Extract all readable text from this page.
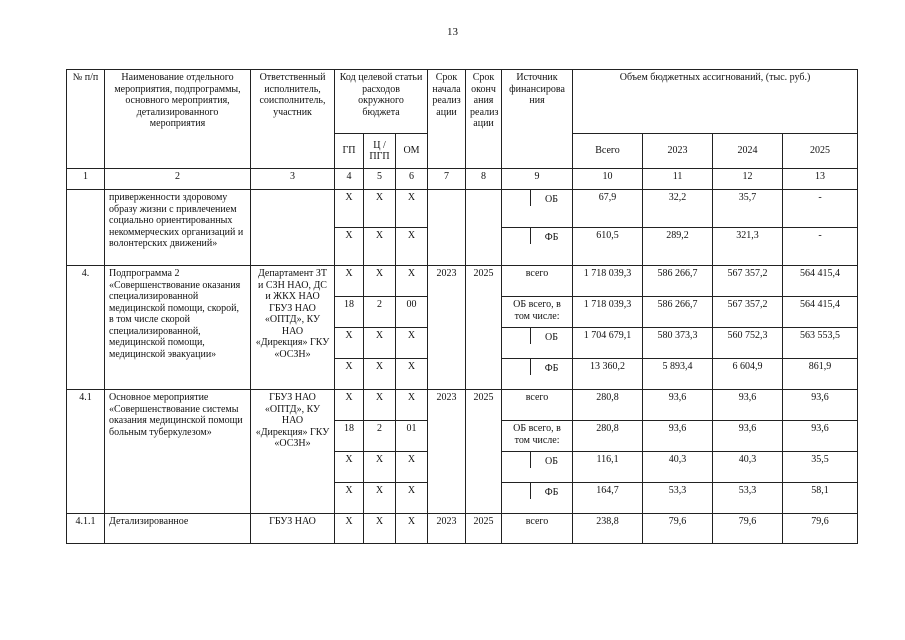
13
№ п/п	Наименование отдельного мероприятия, подпрограммы, основного мероприятия, детализированного мероприятия	Ответственный исполнитель, соисполнитель, участник	Код целевой статьи расходов окружного бюджета			Срок начала реализ ации	Срок оконч ания реализ ации	Источник финансирова ния	Объем бюджетных ассигнований, (тыс. руб.)			
			ГП	Ц / ПГП	ОМ				Всего	2023	2024	2025
1	2	3	4	5	6	7	8	9	10	11	12	13
	приверженности здоровому образу жизни с привлечением социально ориентированных некоммерческих организаций и волонтерских движений»		Х	Х	Х			ОБ	67,9	32,2	35,7	-
			Х	Х	Х			ФБ	610,5	289,2	321,3	-
4.	Подпрограмма 2 «Совершенствование оказания специализированной медицинской помощи, скорой, в том числе скорой специализированной, медицинской помощи, медицинской эвакуации»	Департамент ЗТ и СЗН НАО, ДС и ЖКХ НАО ГБУЗ НАО «ОПТД», КУ НАО «Дирекция» ГКУ «ОСЗН»	Х	Х	Х	2023	2025	всего	1 718 039,3	586 266,7	567 357,2	564 415,4
			18	2	00			ОБ всего, в том числе:	1 718 039,3	586 266,7	567 357,2	564 415,4
			Х	Х	Х			ОБ	1 704 679,1	580 373,3	560 752,3	563 553,5
			Х	Х	Х			ФБ	13 360,2	5 893,4	6 604,9	861,9
4.1	Основное мероприятие «Совершенствование системы оказания медицинской помощи больным туберкулезом»	ГБУЗ НАО «ОПТД», КУ НАО «Дирекция» ГКУ «ОСЗН»	Х	Х	Х	2023	2025	всего	280,8	93,6	93,6	93,6
			18	2	01			ОБ всего, в том числе:	280,8	93,6	93,6	93,6
			Х	Х	Х			ОБ	116,1	40,3	40,3	35,5
			Х	Х	Х			ФБ	164,7	53,3	53,3	58,1
4.1.1	Детализированное	ГБУЗ НАО	Х	Х	Х	2023	2025	всего	238,8	79,6	79,6	79,6
